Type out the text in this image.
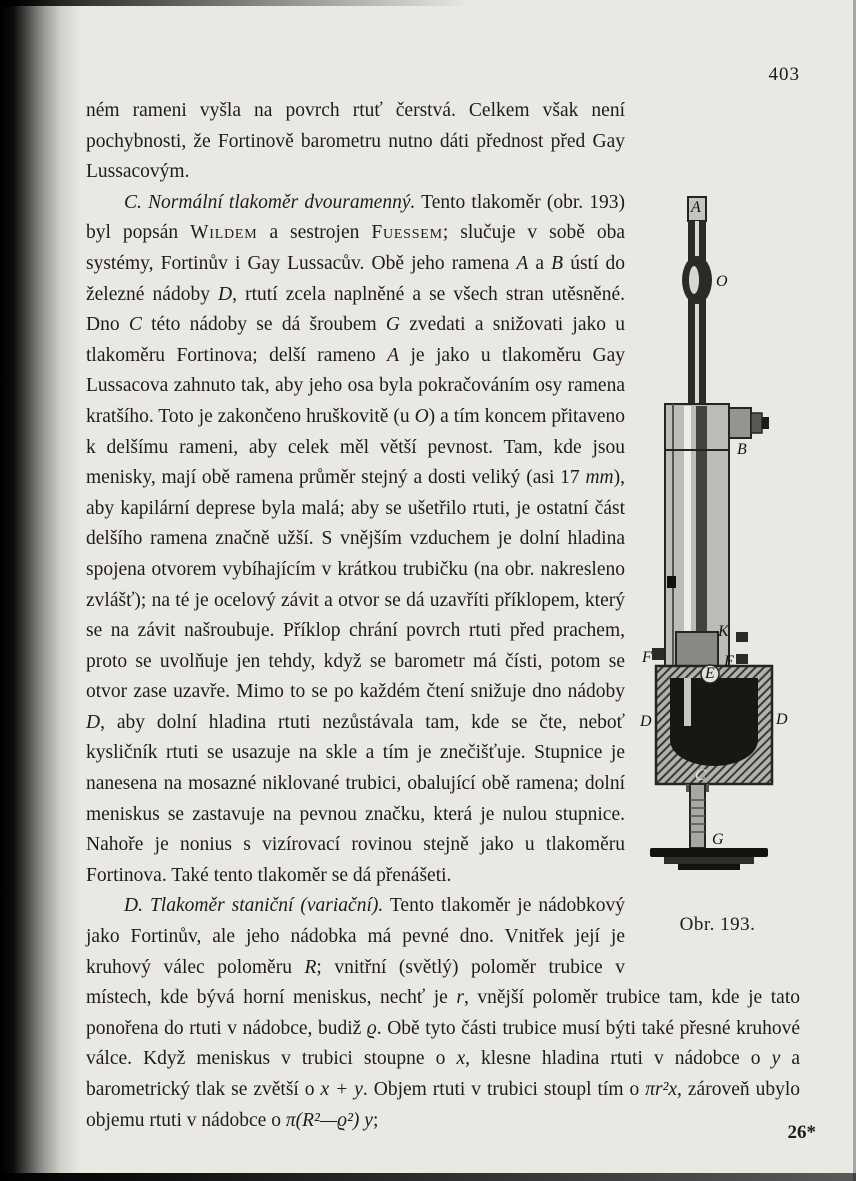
403
A
O
B
K
F
F
E
D	D
C
G
Obr. 193.

ném rameni vyšla na povrch rtuť čerstvá. Celkem však není pochybnosti, že Fortinově barometru nutno dáti přednost před Gay Lussacovým.

C. Normální tlakoměr dvouramenný. Tento tlakoměr (obr. 193) byl popsán Wildem a sestrojen Fuessem; slučuje v sobě oba systémy, Fortinův i Gay Lussacův. Obě jeho ramena A a B ústí do železné nádoby D, rtutí zcela naplněné a se všech stran utěsněné. Dno C této nádoby se dá šroubem G zvedati a snižovati jako u tlakoměru Fortinova; delší rameno A je jako u tlakoměru Gay Lussacova zahnuto tak, aby jeho osa byla pokračováním osy ramena kratšího. Toto je zakončeno hruškovitě (u O) a tím koncem přitaveno k delšímu rameni, aby celek měl větší pevnost. Tam, kde jsou menisky, mají obě ramena průměr stejný a dosti veliký (asi 17 mm), aby kapilární deprese byla malá; aby se ušetřilo rtuti, je ostatní část delšího ramena značně užší. S vnějším vzduchem je dolní hladina spojena otvorem vybíhajícím v krátkou trubičku (na obr. nakresleno zvlášť); na té je ocelový závit a otvor se dá uzavříti příklopem, který se na závit našroubuje. Příklop chrání povrch rtuti před prachem, proto se uvolňuje jen tehdy, když se barometr má čísti, potom se otvor zase uzavře. Mimo to se po každém čtení snižuje dno nádoby D, aby dolní hladina rtuti nezůstávala tam, kde se čte, neboť kysličník rtuti se usazuje na skle a tím je znečišťuje. Stupnice je nanesena na mosazné niklované trubici, obalující obě ramena; dolní meniskus se zastavuje na pevnou značku, která je nulou stupnice. Nahoře je nonius s vizírovací rovinou stejně jako u tlakoměru Fortinova. Také tento tlakoměr se dá přenášeti.

D. Tlakoměr staniční (variační). Tento tlakoměr je nádobkový jako Fortinův, ale jeho nádobka má pevné dno. Vnitřek její je kruhový válec poloměru R; vnitřní (světlý) poloměr trubice v místech, kde bývá horní meniskus, nechť je r, vnější poloměr trubice tam, kde je tato ponořena do rtuti v nádobce, budiž ϱ. Obě tyto části trubice musí býti také přesné kruhové válce. Když meniskus v trubici stoupne o x, klesne hladina rtuti v nádobce o y a barometrický tlak se zvětší o x + y. Objem rtuti v trubici stoupl tím o πr²x, zároveň ubylo objemu rtuti v nádobce o π(R²—ϱ²) y;

26*
